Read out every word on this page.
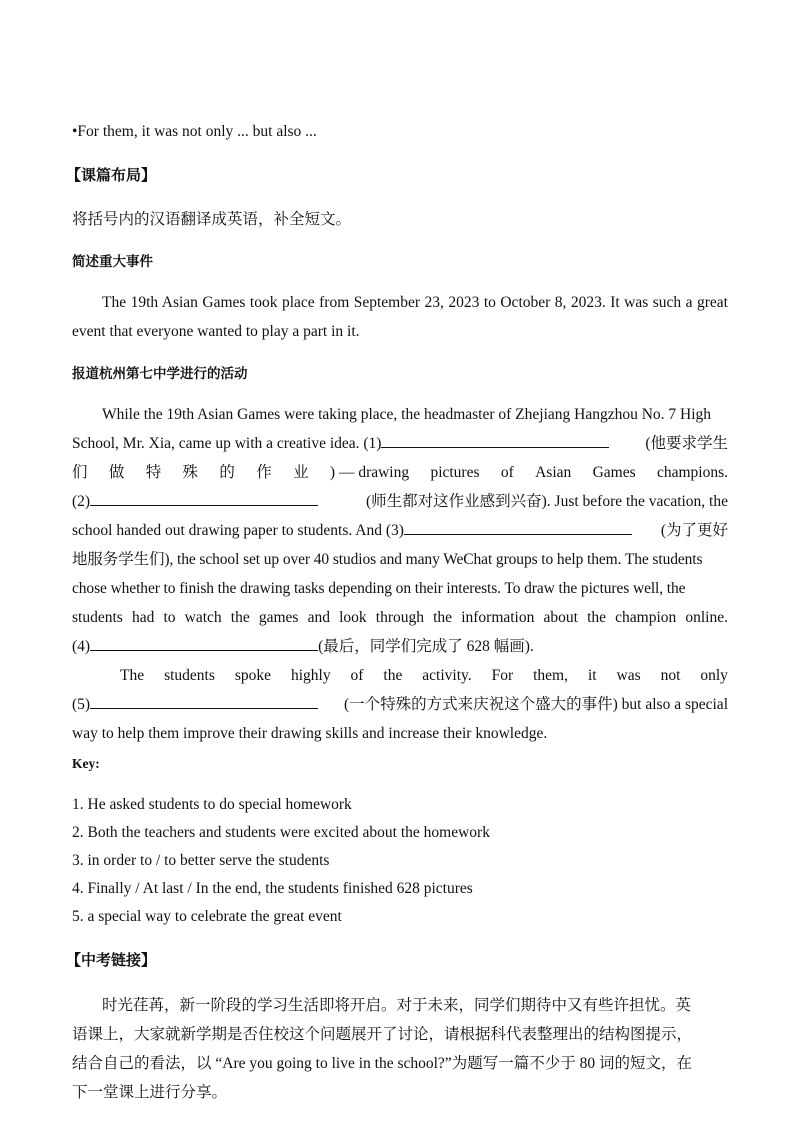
•For them, it was not only ... but also ...

【课篇布局】

将括号内的汉语翻译成英语，补全短文。

简述重大事件

The 19th Asian Games took place from September 23, 2023 to October 8, 2023. It was such a great event that everyone wanted to play a part in it.

报道杭州第七中学进行的活动

While the 19th Asian Games were taking place, the headmaster of Zhejiang Hangzhou No. 7 High

School, Mr. Xia, came up with a creative idea. (1)	(他要求学生
们 做 特 殊 的 作 业 ) — drawing pictures of Asian Games champions.
(2)	(师生都对这作业感到兴奋). Just before the vacation, the
school handed out drawing paper to students. And (3)	(为了更好

地服务学生们), the school set up over 40 studios and many WeChat groups to help them. The students

chose whether to finish the drawing tasks depending on their interests. To draw the pictures well, the

students had to watch the games and look through the information about the champion online.
(4)	(最后，同学们完成了 628 幅画).
The students spoke highly of the activity. For them, it was not only
(5)	(一个特殊的方式来庆祝这个盛大的事件) but also a special

way to help them improve their drawing skills and increase their knowledge.

Key:

1. He asked students to do special homework

2. Both the teachers and students were excited about the homework

3. in order to / to better serve the students

4. Finally / At last / In the end, the students finished 628 pictures

5. a special way to celebrate the great event

【中考链接】

时光荏苒，新一阶段的学习生活即将开启。对于未来，同学们期待中又有些许担忧。英

语课上，大家就新学期是否住校这个问题展开了讨论，请根据科代表整理出的结构图提示，

结合自己的看法，以 “Are you going to live in the school?”为题写一篇不少于 80 词的短文，在

下一堂课上进行分享。
